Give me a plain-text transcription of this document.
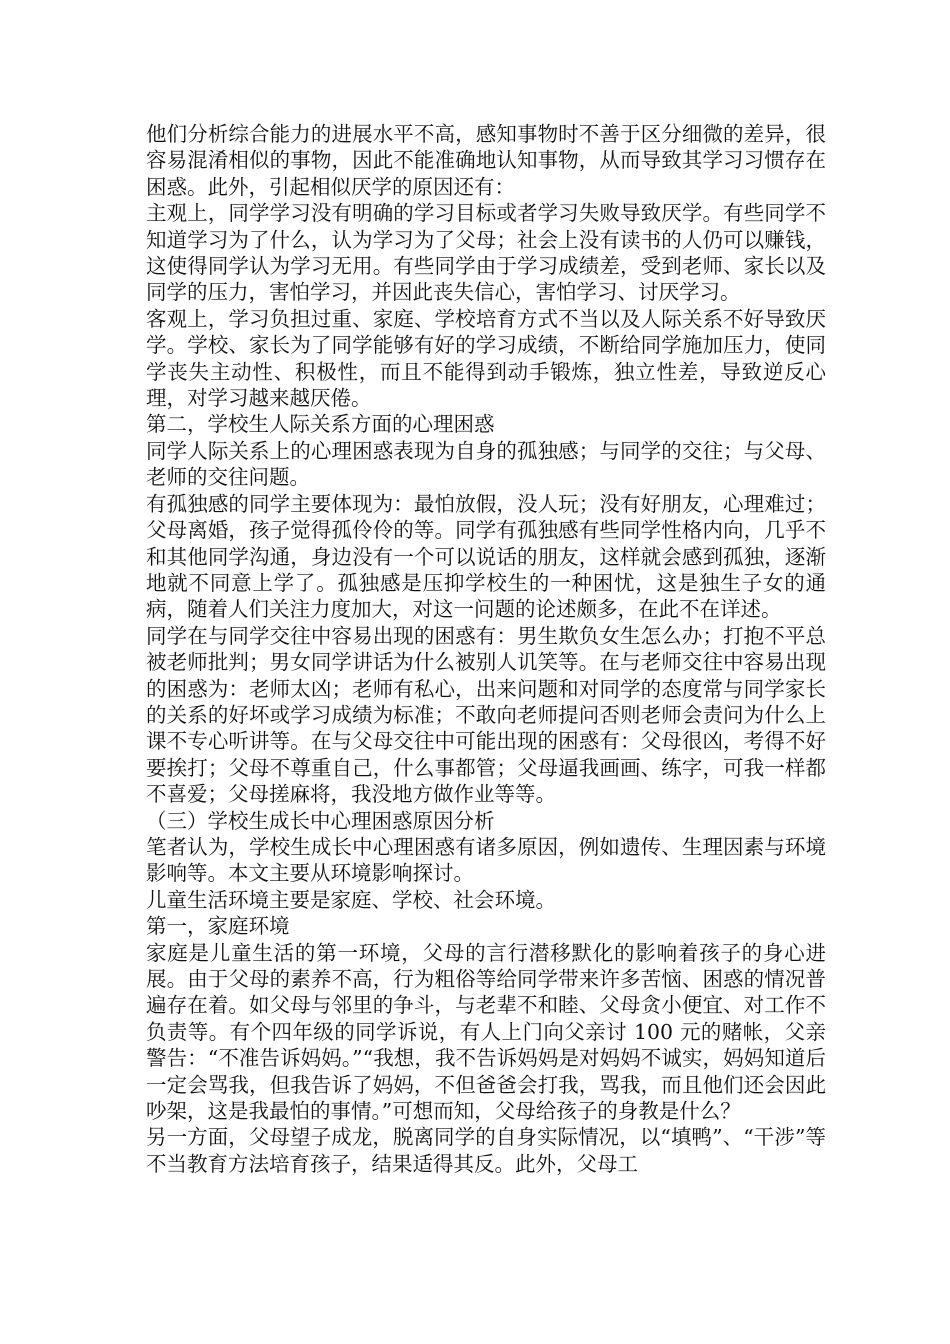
他们分析综合能力的进展水平不高，感知事物时不善于区分细微的差异，很容易混淆相似的事物，因此不能准确地认知事物，从而导致其学习习惯存在困惑。此外，引起相似厌学的原因还有：

主观上，同学学习没有明确的学习目标或者学习失败导致厌学。有些同学不知道学习为了什么，认为学习为了父母；社会上没有读书的人仍可以赚钱，这使得同学认为学习无用。有些同学由于学习成绩差，受到老师、家长以及同学的压力，害怕学习，并因此丧失信心，害怕学习、讨厌学习。

客观上，学习负担过重、家庭、学校培育方式不当以及人际关系不好导致厌学。学校、家长为了同学能够有好的学习成绩，不断给同学施加压力，使同学丧失主动性、积极性，而且不能得到动手锻炼，独立性差，导致逆反心理，对学习越来越厌倦。

第二，学校生人际关系方面的心理困惑

同学人际关系上的心理困惑表现为自身的孤独感；与同学的交往；与父母、老师的交往问题。

有孤独感的同学主要体现为：最怕放假，没人玩；没有好朋友，心理难过；父母离婚，孩子觉得孤伶伶的等。同学有孤独感有些同学性格内向，几乎不和其他同学沟通，身边没有一个可以说话的朋友，这样就会感到孤独，逐渐地就不同意上学了。孤独感是压抑学校生的一种困忧，这是独生子女的通病，随着人们关注力度加大，对这一问题的论述颇多，在此不在详述。

同学在与同学交往中容易出现的困惑有：男生欺负女生怎么办；打抱不平总被老师批判；男女同学讲话为什么被别人讥笑等。在与老师交往中容易出现的困惑为：老师太凶；老师有私心，出来问题和对同学的态度常与同学家长的关系的好坏或学习成绩为标准；不敢向老师提问否则老师会责问为什么上课不专心听讲等。在与父母交往中可能出现的困惑有：父母很凶，考得不好要挨打；父母不尊重自己，什么事都管；父母逼我画画、练字，可我一样都不喜爱；父母搓麻将，我没地方做作业等等。

（三）学校生成长中心理困惑原因分析

笔者认为，学校生成长中心理困惑有诸多原因，例如遗传、生理因素与环境影响等。本文主要从环境影响探讨。

儿童生活环境主要是家庭、学校、社会环境。

第一，家庭环境

家庭是儿童生活的第一环境，父母的言行潜移默化的影响着孩子的身心进展。由于父母的素养不高，行为粗俗等给同学带来许多苦恼、困惑的情况普遍存在着。如父母与邻里的争斗，与老辈不和睦、父母贪小便宜、对工作不负责等。有个四年级的同学诉说，有人上门向父亲讨 100 元的赌帐，父亲警告：“不准告诉妈妈。”“我想，我不告诉妈妈是对妈妈不诚实，妈妈知道后一定会骂我，但我告诉了妈妈，不但爸爸会打我，骂我，而且他们还会因此吵架，这是我最怕的事情。”可想而知，父母给孩子的身教是什么？

另一方面，父母望子成龙，脱离同学的自身实际情况，以“填鸭”、“干涉”等不当教育方法培育孩子，结果适得其反。此外，父母工
